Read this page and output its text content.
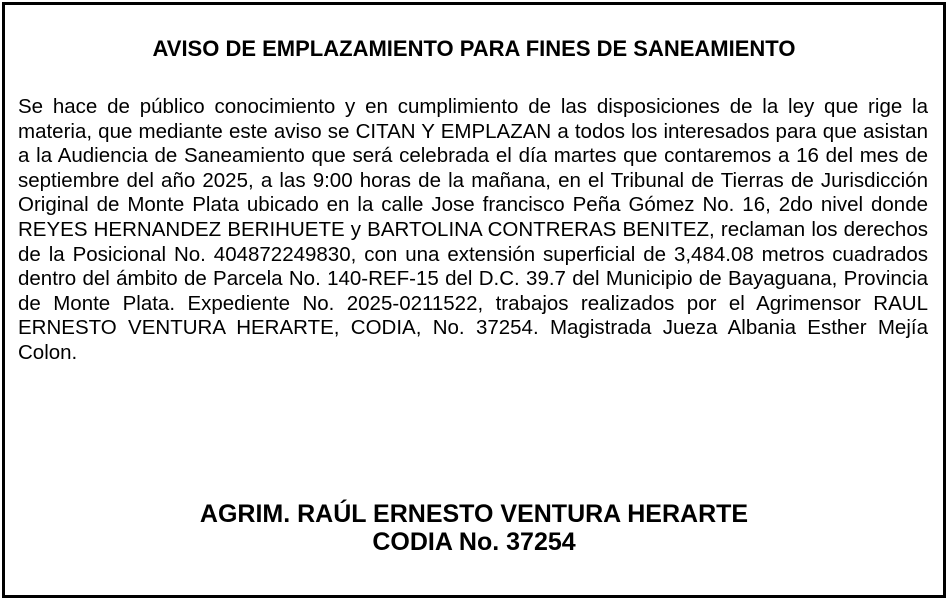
AVISO DE EMPLAZAMIENTO PARA FINES DE SANEAMIENTO

Se hace de público conocimiento y en cumplimiento de las disposiciones de la ley que rige la materia, que mediante este aviso se CITAN Y EMPLAZAN a todos los interesados para que asistan a la Audiencia de Saneamiento que será celebrada el día martes que contaremos a 16 del mes de septiembre del año 2025, a las 9:00 horas de la mañana, en el Tribunal de Tierras de Jurisdicción Original de Monte Plata ubicado en la calle Jose francisco Peña Gómez No. 16, 2do nivel donde REYES HERNANDEZ BERIHUETE y BARTOLINA CONTRERAS BENITEZ, reclaman los derechos de la Posicional No. 404872249830, con una extensión superficial de 3,484.08 metros cuadrados dentro del ámbito de Parcela No. 140-REF-15 del D.C. 39.7 del Municipio de Bayaguana, Provincia de Monte Plata. Expediente No. 2025-0211522, trabajos realizados por el Agrimensor RAUL ERNESTO VENTURA HERARTE, CODIA, No. 37254. Magistrada Jueza Albania Esther Mejía Colon.

AGRIM. RAÚL ERNESTO VENTURA HERARTE
CODIA No. 37254
